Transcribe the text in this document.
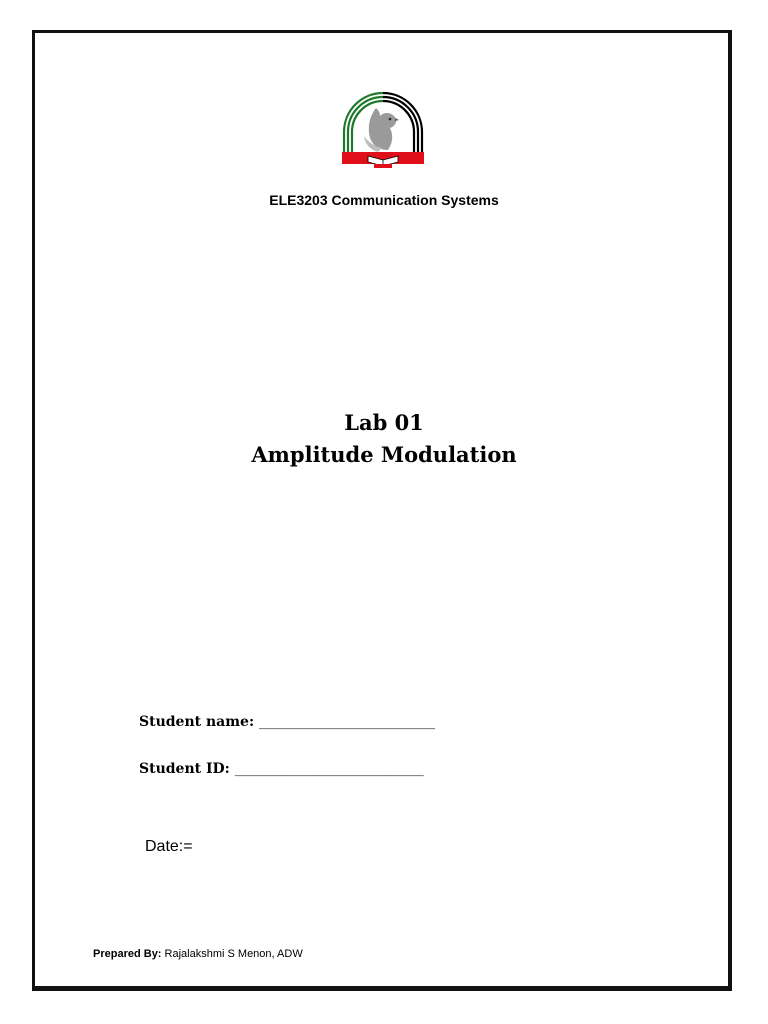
ELE3203 Communication Systems
Lab 01
Amplitude Modulation
Student name: ___________________________
Student ID: _____________________________
Date:=
Prepared By: Rajalakshmi S Menon, ADW
